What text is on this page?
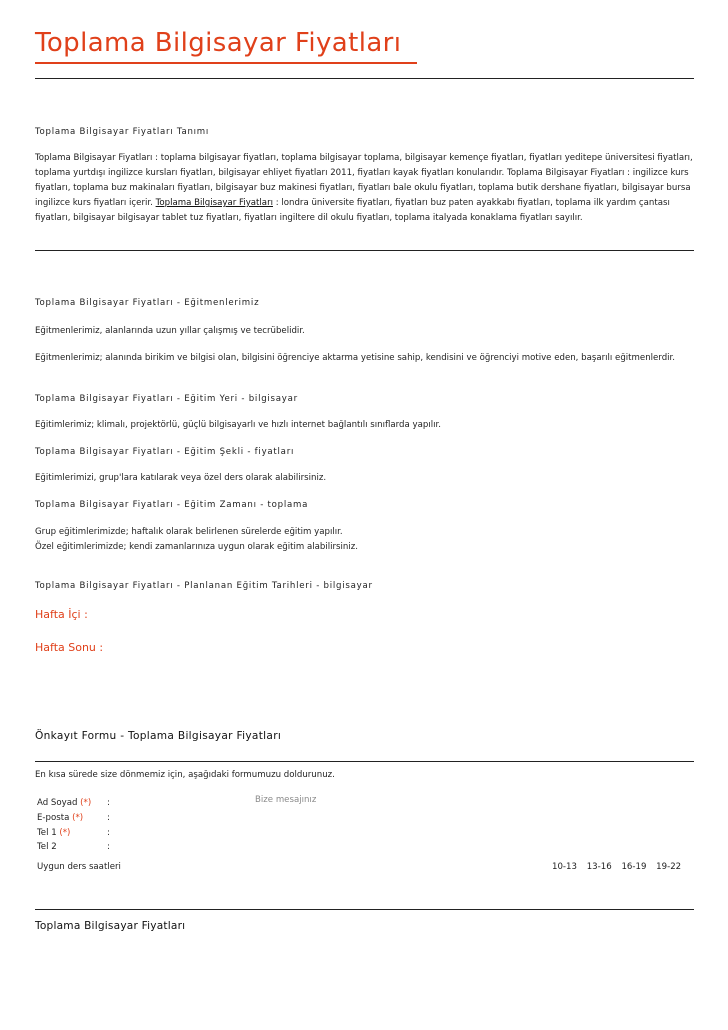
Toplama Bilgisayar Fiyatları
Toplama Bilgisayar Fiyatları Tanımı
Toplama Bilgisayar Fiyatları : toplama bilgisayar fiyatları, toplama bilgisayar toplama, bilgisayar kemençe fiyatları, fiyatları yeditepe üniversitesi fiyatları, toplama yurtdışı ingilizce kursları fiyatları, bilgisayar ehliyet fiyatları 2011, fiyatları kayak fiyatları konularıdır. Toplama Bilgisayar Fiyatları : ingilizce kurs fiyatları, toplama buz makinaları fiyatları, bilgisayar buz makinesi fiyatları, fiyatları bale okulu fiyatları, toplama butik dershane fiyatları, bilgisayar bursa ingilizce kurs fiyatları içerir. Toplama Bilgisayar Fiyatları : londra üniversite fiyatları, fiyatları buz paten ayakkabı fiyatları, toplama ilk yardım çantası fiyatları, bilgisayar bilgisayar tablet tuz fiyatları, fiyatları ingiltere dil okulu fiyatları, toplama italyada konaklama fiyatları sayılır.
Toplama Bilgisayar Fiyatları - Eğitmenlerimiz
Eğitmenlerimiz, alanlarında uzun yıllar çalışmış ve tecrübelidir.
Eğitmenlerimiz; alanında birikim ve bilgisi olan, bilgisini öğrenciye aktarma yetisine sahip, kendisini ve öğrenciyi motive eden, başarılı eğitmenlerdir.
Toplama Bilgisayar Fiyatları - Eğitim Yeri - bilgisayar
Eğitimlerimiz; klimalı, projektörlü, güçlü bilgisayarlı ve hızlı internet bağlantılı sınıflarda yapılır.
Toplama Bilgisayar Fiyatları - Eğitim Şekli - fiyatları
Eğitimlerimizi, grup'lara katılarak veya özel ders olarak alabilirsiniz.
Toplama Bilgisayar Fiyatları - Eğitim Zamanı - toplama
Grup eğitimlerimizde; haftalık olarak belirlenen sürelerde eğitim yapılır.
Özel eğitimlerimizde; kendi zamanlarınıza uygun olarak eğitim alabilirsiniz.
Toplama Bilgisayar Fiyatları - Planlanan Eğitim Tarihleri - bilgisayar
Hafta İçi :
Hafta Sonu :
Önkayıt Formu - Toplama Bilgisayar Fiyatları
En kısa sürede size dönmemiz için, aşağıdaki formumuzu doldurunuz.
Ad Soyad (*) :
E-posta (*)	:
Tel 1 (*)	:
Tel 2	:
Bize mesajınız
Uygun ders saatleri	10-13 13-16 16-19 19-22
Toplama Bilgisayar Fiyatları
